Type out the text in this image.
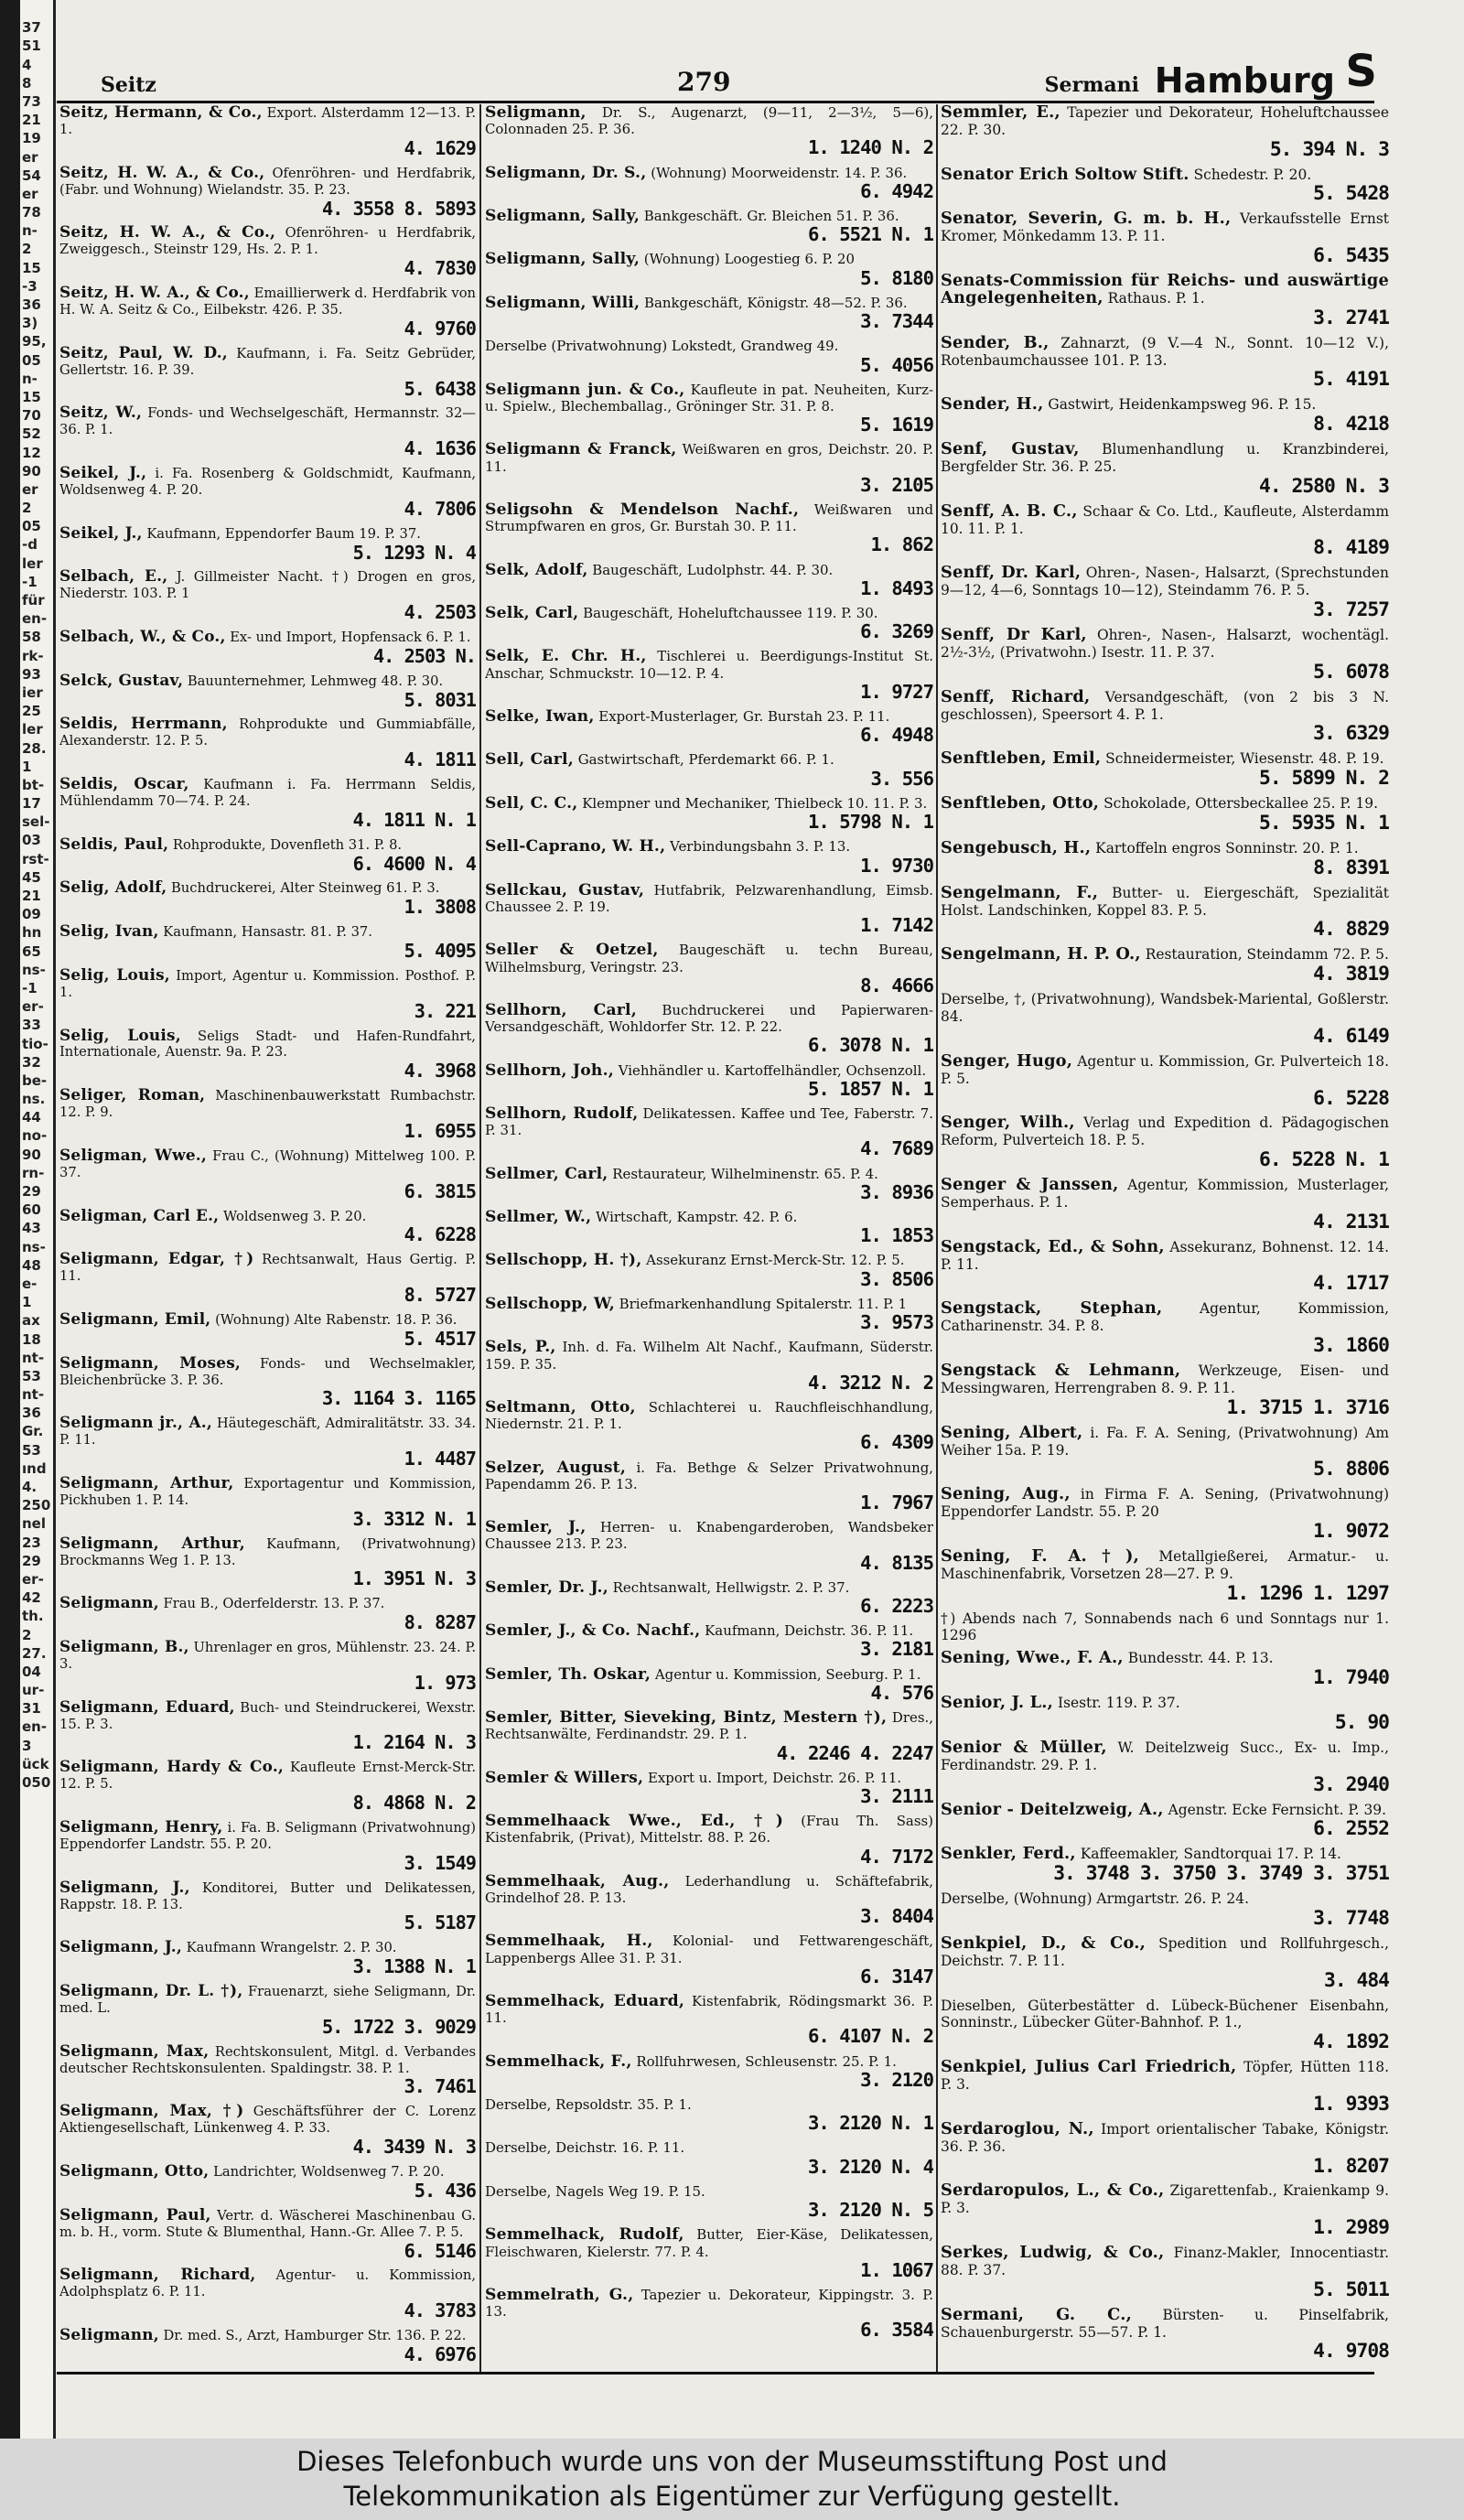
37
51
4
8
73
21
19
er
54
er
78
n-
2
15
-3
36
3)
95,
05
n-
15
70
52
12
90
er
2
05
-d
ler
-1
für
en-
58
rk-
93
ier
25
ler
28.
1
bt-
17
sel-
03
rst-
45
21
09
hn
65
ns-
-1
er-
33
tio-
32
be-
ns.
44
no-
90
rn-
29
60
43
ns-
48
e-
1
ax
18
nt-
53
nt-
36
Gr.
53
ınd
4.
250
nel
23
29
er-
42
th.
2
27.
04
ur-
31
en-
3
ück
050
Seitz	279	Sermani Hamburg S

Seitz, Hermann, & Co., Export. Alsterdamm 12—13. P. 1.
4. 1629

Seitz, H. W. A., & Co., Ofenröhren- und Herdfabrik, (Fabr. und Wohnung) Wielandstr. 35. P. 23.
4. 3558 8. 5893

Seitz, H. W. A., & Co., Ofenröhren- u Herdfabrik, Zweiggesch., Steinstr 129, Hs. 2. P. 1.
4. 7830

Seitz, H. W. A., & Co., Emaillierwerk d. Herdfabrik von H. W. A. Seitz & Co., Eilbekstr. 426. P. 35.
4. 9760

Seitz, Paul, W. D., Kaufmann, i. Fa. Seitz Gebrüder, Gellertstr. 16. P. 39.
5. 6438

Seitz, W., Fonds- und Wechselgeschäft, Hermannstr. 32—36. P. 1.
4. 1636

Seikel, J., i. Fa. Rosenberg & Goldschmidt, Kaufmann, Woldsenweg 4. P. 20.
4. 7806

Seikel, J., Kaufmann, Eppendorfer Baum 19. P. 37.
5. 1293 N. 4

Selbach, E., J. Gillmeister Nacht. †) Drogen en gros, Niederstr. 103. P. 1
4. 2503

Selbach, W., & Co., Ex- und Import, Hopfensack 6. P. 1.
4. 2503 N.

Selck, Gustav, Bauunternehmer, Lehmweg 48. P. 30.
5. 8031

Seldis, Herrmann, Rohprodukte und Gummiabfälle, Alexanderstr. 12. P. 5.
4. 1811

Seldis, Oscar, Kaufmann i. Fa. Herrmann Seldis, Mühlendamm 70—74. P. 24.
4. 1811 N. 1

Seldis, Paul, Rohprodukte, Dovenfleth 31. P. 8.
6. 4600 N. 4

Selig, Adolf, Buchdruckerei, Alter Steinweg 61. P. 3.
1. 3808

Selig, Ivan, Kaufmann, Hansastr. 81. P. 37.
5. 4095

Selig, Louis, Import, Agentur u. Kommission. Posthof. P. 1.
3. 221

Selig, Louis, Seligs Stadt- und Hafen-Rundfahrt, Internationale, Auenstr. 9a. P. 23.
4. 3968

Seliger, Roman, Maschinenbauwerkstatt Rumbachstr. 12. P. 9.
1. 6955

Seligman, Wwe., Frau C., (Wohnung) Mittelweg 100. P. 37.
6. 3815

Seligman, Carl E., Woldsenweg 3. P. 20.
4. 6228

Seligmann, Edgar, †) Rechtsanwalt, Haus Gertig. P. 11.
8. 5727

Seligmann, Emil, (Wohnung) Alte Rabenstr. 18. P. 36.
5. 4517

Seligmann, Moses, Fonds- und Wechselmakler, Bleichenbrücke 3. P. 36.
3. 1164 3. 1165

Seligmann jr., A., Häutegeschäft, Admiralitätstr. 33. 34. P. 11.
1. 4487

Seligmann, Arthur, Exportagentur und Kommission, Pickhuben 1. P. 14.
3. 3312 N. 1

Seligmann, Arthur, Kaufmann, (Privatwohnung) Brockmanns Weg 1. P. 13.
1. 3951 N. 3

Seligmann, Frau B., Oderfelderstr. 13. P. 37.
8. 8287

Seligmann, B., Uhrenlager en gros, Mühlenstr. 23. 24. P. 3.
1. 973

Seligmann, Eduard, Buch- und Steindruckerei, Wexstr. 15. P. 3.
1. 2164 N. 3

Seligmann, Hardy & Co., Kaufleute Ernst-Merck-Str. 12. P. 5.
8. 4868 N. 2

Seligmann, Henry, i. Fa. B. Seligmann (Privatwohnung) Eppendorfer Landstr. 55. P. 20.
3. 1549

Seligmann, J., Konditorei, Butter und Delikatessen, Rappstr. 18. P. 13.
5. 5187

Seligmann, J., Kaufmann Wrangelstr. 2. P. 30.
3. 1388 N. 1

Seligmann, Dr. L. †), Frauenarzt, siehe Seligmann, Dr. med. L.
5. 1722 3. 9029

Seligmann, Max, Rechtskonsulent, Mitgl. d. Verbandes deutscher Rechtskonsulenten. Spaldingstr. 38. P. 1.
3. 7461

Seligmann, Max, †) Geschäftsführer der C. Lorenz Aktiengesellschaft, Lünkenweg 4. P. 33.
4. 3439 N. 3

Seligmann, Otto, Landrichter, Woldsenweg 7. P. 20.
5. 436

Seligmann, Paul, Vertr. d. Wäscherei Maschinenbau G. m. b. H., vorm. Stute & Blumenthal, Hann.-Gr. Allee 7. P. 5.
6. 5146

Seligmann, Richard, Agentur- u. Kommission, Adolphsplatz 6. P. 11.
4. 3783

Seligmann, Dr. med. S., Arzt, Hamburger Str. 136. P. 22.
4. 6976

Seligmann, Dr. S., Augenarzt, (9—11, 2—3½, 5—6), Colonnaden 25. P. 36.
1. 1240 N. 2

Seligmann, Dr. S., (Wohnung) Moorweidenstr. 14. P. 36.
6. 4942

Seligmann, Sally, Bankgeschäft. Gr. Bleichen 51. P. 36.
6. 5521 N. 1

Seligmann, Sally, (Wohnung) Loogestieg 6. P. 20
5. 8180

Seligmann, Willi, Bankgeschäft, Königstr. 48—52. P. 36.
3. 7344

Derselbe (Privatwohnung) Lokstedt, Grandweg 49.
5. 4056

Seligmann jun. & Co., Kaufleute in pat. Neuheiten, Kurz- u. Spielw., Blechemballag., Gröninger Str. 31. P. 8.
5. 1619

Seligmann & Franck, Weißwaren en gros, Deichstr. 20. P. 11.
3. 2105

Seligsohn & Mendelson Nachf., Weißwaren und Strumpfwaren en gros, Gr. Burstah 30. P. 11.
1. 862

Selk, Adolf, Baugeschäft, Ludolphstr. 44. P. 30.
1. 8493

Selk, Carl, Baugeschäft, Hoheluftchaussee 119. P. 30.
6. 3269

Selk, E. Chr. H., Tischlerei u. Beerdigungs-Institut St. Anschar, Schmuckstr. 10—12. P. 4.
1. 9727

Selke, Iwan, Export-Musterlager, Gr. Burstah 23. P. 11.
6. 4948

Sell, Carl, Gastwirtschaft, Pferdemarkt 66. P. 1.
3. 556

Sell, C. C., Klempner und Mechaniker, Thielbeck 10. 11. P. 3.
1. 5798 N. 1

Sell-Caprano, W. H., Verbindungsbahn 3. P. 13.
1. 9730

Sellckau, Gustav, Hutfabrik, Pelzwarenhandlung, Eimsb. Chaussee 2. P. 19.
1. 7142

Seller & Oetzel, Baugeschäft u. techn Bureau, Wilhelmsburg, Veringstr. 23.
8. 4666

Sellhorn, Carl, Buchdruckerei und Papierwaren-Versandgeschäft, Wohldorfer Str. 12. P. 22.
6. 3078 N. 1

Sellhorn, Joh., Viehhändler u. Kartoffelhändler, Ochsenzoll.
5. 1857 N. 1

Sellhorn, Rudolf, Delikatessen. Kaffee und Tee, Faberstr. 7. P. 31.
4. 7689

Sellmer, Carl, Restaurateur, Wilhelminenstr. 65. P. 4.
3. 8936

Sellmer, W., Wirtschaft, Kampstr. 42. P. 6.
1. 1853

Sellschopp, H. †), Assekuranz Ernst-Merck-Str. 12. P. 5.
3. 8506

Sellschopp, W, Briefmarkenhandlung Spitalerstr. 11. P. 1
3. 9573

Sels, P., Inh. d. Fa. Wilhelm Alt Nachf., Kaufmann, Süderstr. 159. P. 35.
4. 3212 N. 2

Seltmann, Otto, Schlachterei u. Rauchfleischhandlung, Niedernstr. 21. P. 1.
6. 4309

Selzer, August, i. Fa. Bethge & Selzer Privatwohnung, Papendamm 26. P. 13.
1. 7967

Semler, J., Herren- u. Knabengarderoben, Wandsbeker Chaussee 213. P. 23.
4. 8135

Semler, Dr. J., Rechtsanwalt, Hellwigstr. 2. P. 37.
6. 2223

Semler, J., & Co. Nachf., Kaufmann, Deichstr. 36. P. 11.
3. 2181

Semler, Th. Oskar, Agentur u. Kommission, Seeburg. P. 1.
4. 576

Semler, Bitter, Sieveking, Bintz, Mestern †), Dres., Rechtsanwälte, Ferdinandstr. 29. P. 1.
4. 2246 4. 2247

Semler & Willers, Export u. Import, Deichstr. 26. P. 11.
3. 2111

Semmelhaack Wwe., Ed., †) (Frau Th. Sass) Kistenfabrik, (Privat), Mittelstr. 88. P. 26.
4. 7172

Semmelhaak, Aug., Lederhandlung u. Schäftefabrik, Grindelhof 28. P. 13.
3. 8404

Semmelhaak, H., Kolonial- und Fettwarengeschäft, Lappenbergs Allee 31. P. 31.
6. 3147

Semmelhack, Eduard, Kistenfabrik, Rödingsmarkt 36. P. 11.
6. 4107 N. 2

Semmelhack, F., Rollfuhrwesen, Schleusenstr. 25. P. 1.
3. 2120

Derselbe, Repsoldstr. 35. P. 1.
3. 2120 N. 1

Derselbe, Deichstr. 16. P. 11.
3. 2120 N. 4

Derselbe, Nagels Weg 19. P. 15.
3. 2120 N. 5

Semmelhack, Rudolf, Butter, Eier-Käse, Delikatessen, Fleischwaren, Kielerstr. 77. P. 4.
1. 1067

Semmelrath, G., Tapezier u. Dekorateur, Kippingstr. 3. P. 13.
6. 3584

Semmler, E., Tapezier und Dekorateur, Hoheluftchaussee 22. P. 30.
5. 394 N. 3

Senator Erich Soltow Stift. Schedestr. P. 20.
5. 5428

Senator, Severin, G. m. b. H., Verkaufsstelle Ernst Kromer, Mönkedamm 13. P. 11.
6. 5435

Senats-Commission für Reichs- und auswärtige Angelegenheiten, Rathaus. P. 1.
3. 2741

Sender, B., Zahnarzt, (9 V.—4 N., Sonnt. 10—12 V.), Rotenbaumchaussee 101. P. 13.
5. 4191

Sender, H., Gastwirt, Heidenkampsweg 96. P. 15.
8. 4218

Senf, Gustav, Blumenhandlung u. Kranzbinderei, Bergfelder Str. 36. P. 25.
4. 2580 N. 3

Senff, A. B. C., Schaar & Co. Ltd., Kaufleute, Alsterdamm 10. 11. P. 1.
8. 4189

Senff, Dr. Karl, Ohren-, Nasen-, Halsarzt, (Sprechstunden 9—12, 4—6, Sonntags 10—12), Steindamm 76. P. 5.
3. 7257

Senff, Dr Karl, Ohren-, Nasen-, Halsarzt, wochentägl. 2½-3½, (Privatwohn.) Isestr. 11. P. 37.
5. 6078

Senff, Richard, Versandgeschäft, (von 2 bis 3 N. geschlossen), Speersort 4. P. 1.
3. 6329

Senftleben, Emil, Schneidermeister, Wiesenstr. 48. P. 19.
5. 5899 N. 2

Senftleben, Otto, Schokolade, Ottersbeckallee 25. P. 19.
5. 5935 N. 1

Sengebusch, H., Kartoffeln engros Sonninstr. 20. P. 1.
8. 8391

Sengelmann, F., Butter- u. Eiergeschäft, Spezialität Holst. Landschinken, Koppel 83. P. 5.
4. 8829

Sengelmann, H. P. O., Restauration, Steindamm 72. P. 5.
4. 3819

Derselbe, †, (Privatwohnung), Wandsbek-Mariental, Goßlerstr. 84.
4. 6149

Senger, Hugo, Agentur u. Kommission, Gr. Pulverteich 18. P. 5.
6. 5228

Senger, Wilh., Verlag und Expedition d. Pädagogischen Reform, Pulverteich 18. P. 5.
6. 5228 N. 1

Senger & Janssen, Agentur, Kommission, Musterlager, Semperhaus. P. 1.
4. 2131

Sengstack, Ed., & Sohn, Assekuranz, Bohnenst. 12. 14. P. 11.
4. 1717

Sengstack, Stephan,	Agentur, Kommission, Catharinenstr. 34. P. 8.
3. 1860

Sengstack & Lehmann, Werkzeuge, Eisen- und Messingwaren, Herrengraben 8. 9. P. 11.
1. 3715 1. 3716

Sening, Albert, i. Fa. F. A. Sening, (Privatwohnung) Am Weiher 15a. P. 19.
5. 8806

Sening, Aug., in Firma F. A. Sening, (Privatwohnung) Eppendorfer Landstr. 55. P. 20
1. 9072

Sening, F. A.†), Metallgießerei, Armatur.- u. Maschinenfabrik, Vorsetzen 28—27. P. 9.
1. 1296 1. 1297

†) Abends nach 7, Sonnabends nach 6 und Sonntags nur 1. 1296

Sening, Wwe., F. A., Bundesstr. 44. P. 13.
1. 7940

Senior, J. L., Isestr. 119. P. 37.
5. 90

Senior & Müller, W. Deitelzweig Succ., Ex- u. Imp., Ferdinandstr. 29. P. 1.
3. 2940

Senior - Deitelzweig, A., Agenstr. Ecke Fernsicht. P. 39.
6. 2552

Senkler, Ferd., Kaffeemakler, Sandtorquai 17. P. 14.
3. 3748 3. 3750 3. 3749 3. 3751

Derselbe, (Wohnung) Armgartstr. 26. P. 24.
3. 7748

Senkpiel, D., & Co., Spedition und Rollfuhrgesch., Deichstr. 7. P. 11.
3. 484

Dieselben, Güterbestätter d. Lübeck-Büchener Eisenbahn, Sonninstr., Lübecker Güter-Bahnhof. P. 1.,
4. 1892

Senkpiel, Julius Carl Friedrich, Töpfer, Hütten 118. P. 3.
1. 9393

Serdaroglou, N., Import orientalischer Tabake, Königstr. 36. P. 36.
1. 8207

Serdaropulos, L., & Co., Zigarettenfab., Kraienkamp 9. P. 3.
1. 2989

Serkes, Ludwig, & Co., Finanz-Makler, Innocentiastr. 88. P. 37.
5. 5011

Sermani, G. C., Bürsten- u. Pinselfabrik, Schauenburgerstr. 55—57. P. 1.
4. 9708

Dieses Telefonbuch wurde uns von der Museumsstiftung Post und
Telekommunikation als Eigentümer zur Verfügung gestellt.
